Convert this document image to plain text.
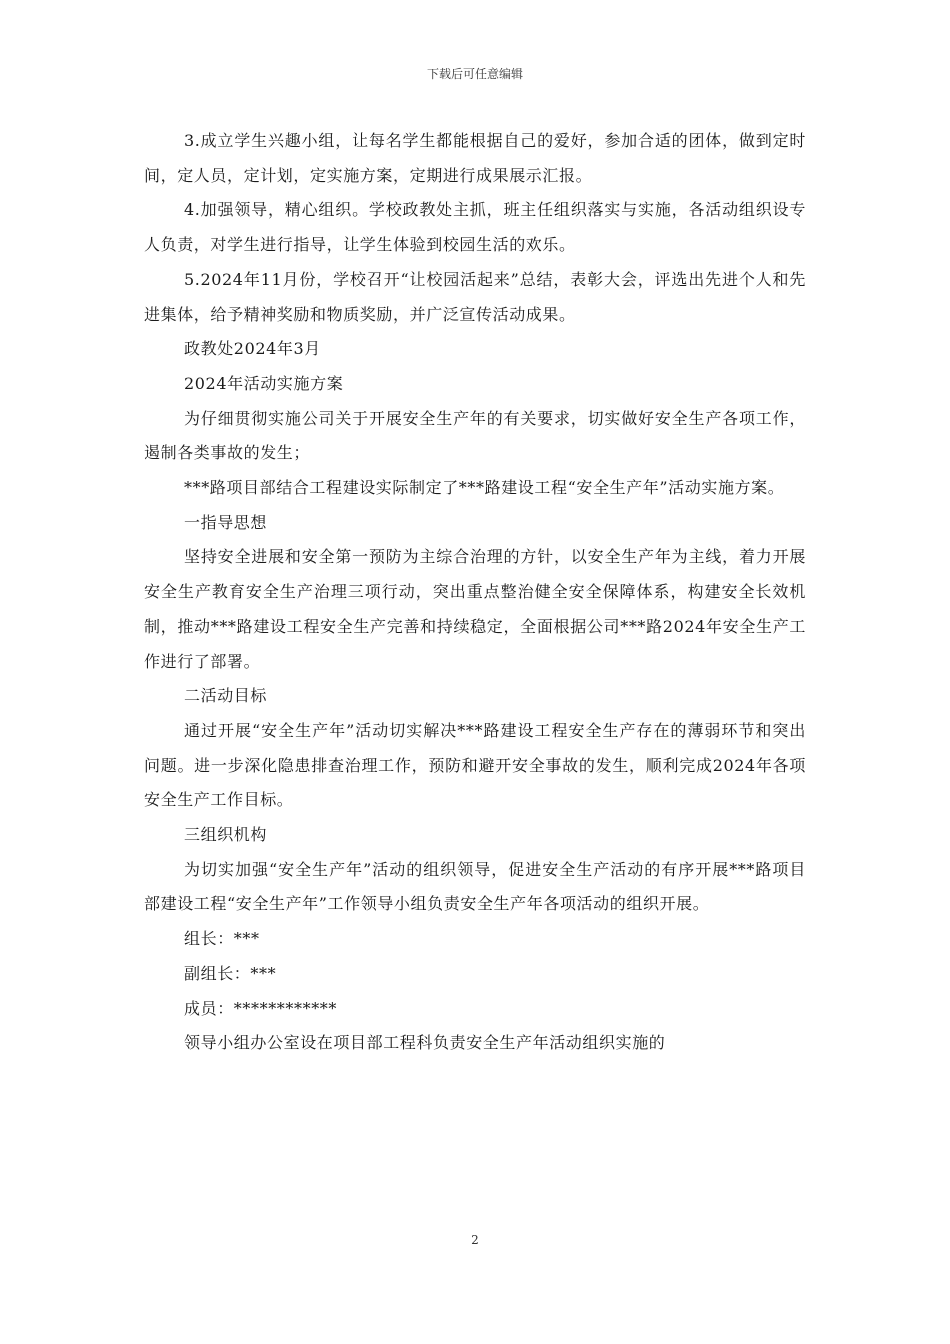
下载后可任意编辑

3.成立学生兴趣小组，让每名学生都能根据自己的爱好，参加合适的团体，做到定时间，定人员，定计划，定实施方案，定期进行成果展示汇报。

4.加强领导，精心组织。学校政教处主抓，班主任组织落实与实施，各活动组织设专人负责，对学生进行指导，让学生体验到校园生活的欢乐。

5.2024年11月份，学校召开“让校园活起来”总结，表彰大会，评选出先进个人和先进集体，给予精神奖励和物质奖励，并广泛宣传活动成果。

政教处2024年3月

2024年活动实施方案

为仔细贯彻实施公司关于开展安全生产年的有关要求，切实做好安全生产各项工作，遏制各类事故的发生；

***路项目部结合工程建设实际制定了***路建设工程“安全生产年”活动实施方案。

一指导思想

坚持安全进展和安全第一预防为主综合治理的方针，以安全生产年为主线，着力开展安全生产教育安全生产治理三项行动，突出重点整治健全安全保障体系，构建安全长效机制，推动***路建设工程安全生产完善和持续稳定，全面根据公司***路2024年安全生产工作进行了部署。

二活动目标

通过开展“安全生产年”活动切实解决***路建设工程安全生产存在的薄弱环节和突出问题。进一步深化隐患排查治理工作，预防和避开安全事故的发生，顺利完成2024年各项安全生产工作目标。

三组织机构

为切实加强“安全生产年”活动的组织领导，促进安全生产活动的有序开展***路项目部建设工程“安全生产年”工作领导小组负责安全生产年各项活动的组织开展。

组长：***

副组长：***

成员：************

领导小组办公室设在项目部工程科负责安全生产年活动组织实施的

2
